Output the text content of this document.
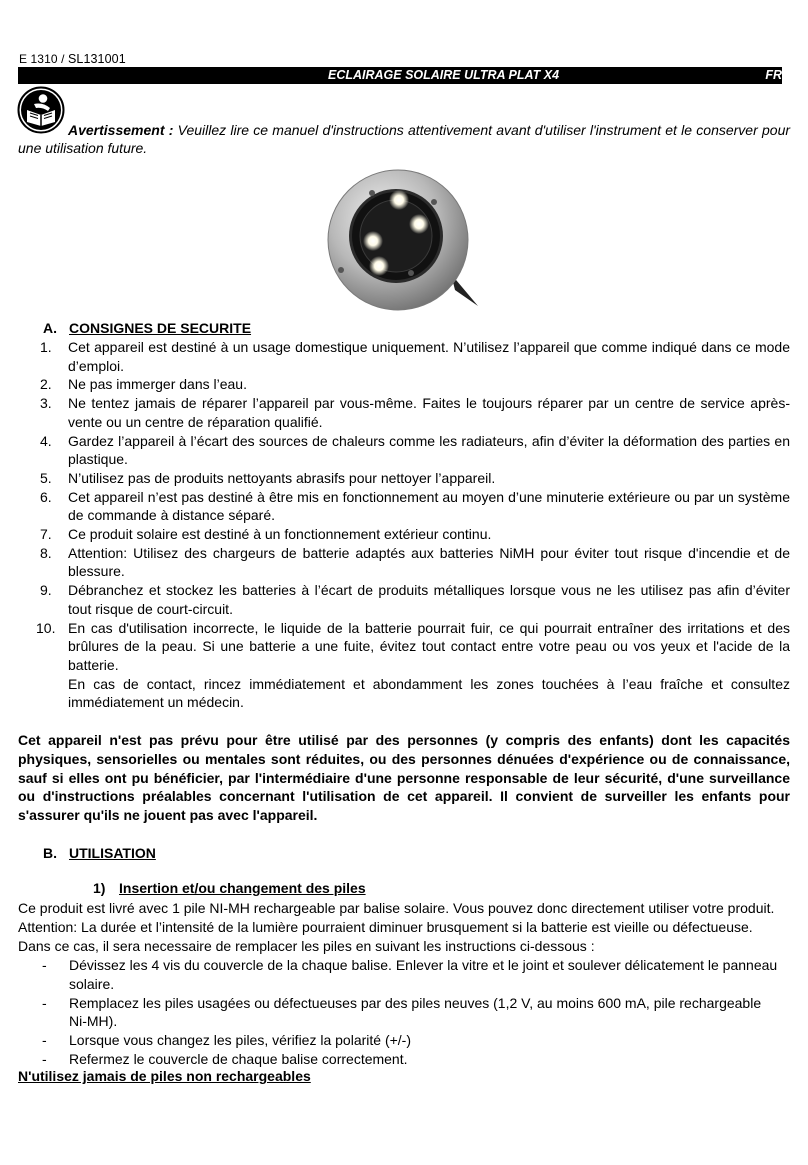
E 1310 / SL131001
ECLAIRAGE SOLAIRE ULTRA PLAT X4	FR
Avertissement : Veuillez lire ce manuel d'instructions attentivement avant d'utiliser l'instrument et le conserver pour une utilisation future.
A. CONSIGNES DE SECURITE
1.	Cet appareil est destiné à un usage domestique uniquement. N’utilisez l’appareil que comme indiqué dans ce mode d’emploi.
2.	Ne pas immerger dans l’eau.
3.	Ne tentez jamais de réparer l’appareil par vous-même. Faites le toujours réparer par un centre de service après-vente ou un centre de réparation qualifié.
4.	Gardez l’appareil à l’écart des sources de chaleurs comme les radiateurs, afin d’éviter la déformation des parties en plastique.
5.	N’utilisez pas de produits nettoyants abrasifs pour nettoyer l’appareil.
6.	Cet appareil n’est pas destiné à être mis en fonctionnement au moyen d’une minuterie extérieure ou par un système de commande à distance séparé.
7.	Ce produit solaire est destiné à un fonctionnement extérieur continu.
8.	Attention: Utilisez des chargeurs de batterie adaptés aux batteries NiMH pour éviter tout risque d'incendie et de blessure.
9.	Débranchez et stockez les batteries à l’écart de produits métalliques lorsque vous ne les utilisez pas afin d’éviter tout risque de court-circuit.
10. En cas d'utilisation incorrecte, le liquide de la batterie pourrait fuir, ce qui pourrait entraîner des irritations et des brûlures de la peau. Si une batterie a une fuite, évitez tout contact entre votre peau ou vos yeux et l'acide de la batterie.
En cas de contact, rincez immédiatement et abondamment les zones touchées à l’eau fraîche et consultez immédiatement un médecin.
Cet appareil n'est pas prévu pour être utilisé par des personnes (y compris des enfants) dont les capacités physiques, sensorielles ou mentales sont réduites, ou des personnes dénuées d'expérience ou de connaissance, sauf si elles ont pu bénéficier, par l'intermédiaire d'une personne responsable de leur sécurité, d'une surveillance ou d'instructions préalables concernant l'utilisation de cet appareil. Il convient de surveiller les enfants pour s'assurer qu'ils ne jouent pas avec l'appareil.
B. UTILISATION
1) Insertion et/ou changement des piles
Ce produit est livré avec 1 pile NI-MH rechargeable par balise solaire. Vous pouvez donc directement utiliser votre produit.
Attention: La durée et l’intensité de la lumière pourraient diminuer brusquement si la batterie est vieille ou défectueuse.
Dans ce cas, il sera necessaire de remplacer les piles en suivant les instructions ci-dessous :
- Dévissez les 4 vis du couvercle de la chaque balise. Enlever la vitre et le joint et soulever délicatement le panneau solaire.
- Remplacez les piles usagées ou défectueuses par des piles neuves (1,2 V, au moins 600 mA, pile rechargeable Ni-MH).
- Lorsque vous changez les piles, vérifiez la polarité (+/-)
- Refermez le couvercle de chaque balise correctement.
N'utilisez jamais de piles non rechargeables
